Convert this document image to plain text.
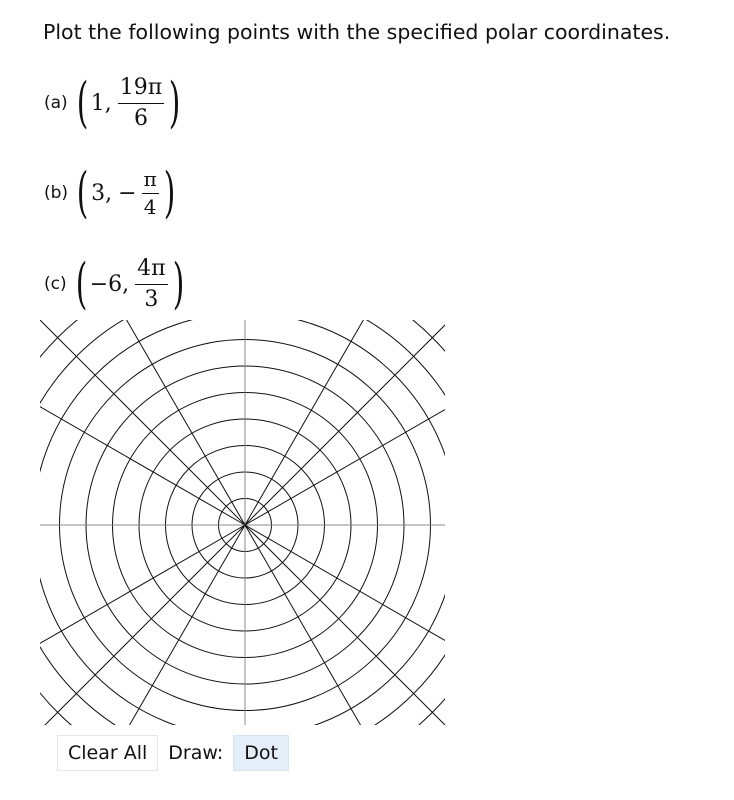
Plot the following points with the specified polar coordinates.
(a) ( 1, $\frac{19\pi}{6}$ )
(b) ( 3, − $\frac{\pi}{4}$ )
(c) ( −6, $\frac{4\pi}{3}$ )
Clear All	Draw:	Dot
